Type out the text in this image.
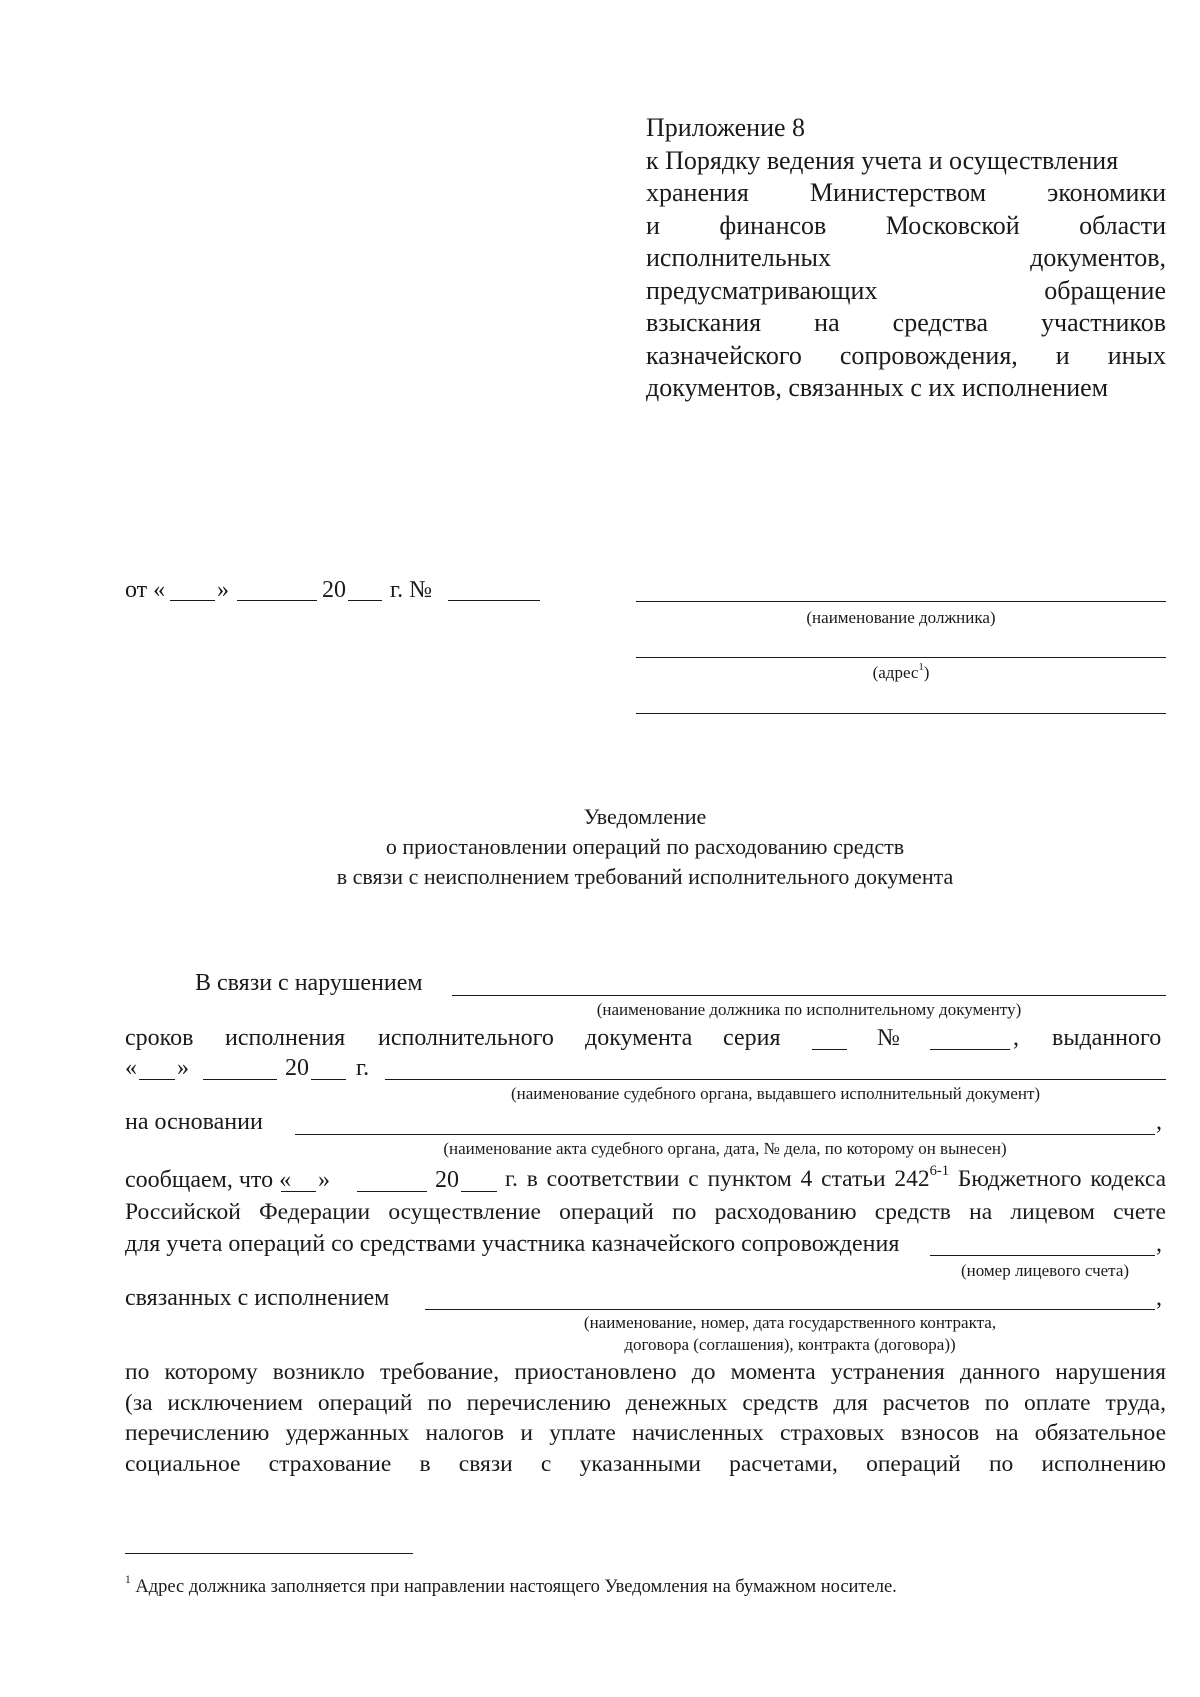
Приложение 8
к Порядку ведения учета и осуществления
хранения Министерством экономики
и финансов Московской области
исполнительных документов,
предусматривающих обращение
взыскания на средства участников
казначейского сопровождения, и иных
документов, связанных с их исполнением
от « »	20 г. №
(наименование должника)
(адрес$^1$)
Уведомление
о приостановлении операций по расходованию средств
в связи с неисполнением требований исполнительного документа
В связи с нарушением
(наименование должника по исполнительному документу)
сроков исполнения исполнительного документа серия	№	, выданного
« »	20 г.
(наименование судебного органа, выдавшего исполнительный документ)
на основании	,
(наименование акта судебного органа, дата, № дела, по которому он вынесен)
сообщаем, что « »	20 г. в соответствии с пунктом 4 статьи 242$^{6-1}$ Бюджетного кодекса
Российской Федерации осуществление операций по расходованию средств на лицевом счете
для учета операций со средствами участника казначейского сопровождения	,
(номер лицевого счета)
связанных с исполнением	,
(наименование, номер, дата государственного контракта,
договора (соглашения), контракта (договора))
по которому возникло требование, приостановлено до момента устранения данного нарушения
(за исключением операций по перечислению денежных средств для расчетов по оплате труда,
перечислению удержанных налогов и уплате начисленных страховых взносов на обязательное
социальное страхование в связи с указанными расчетами, операций по исполнению
$^1$ Адрес должника заполняется при направлении настоящего Уведомления на бумажном носителе.
